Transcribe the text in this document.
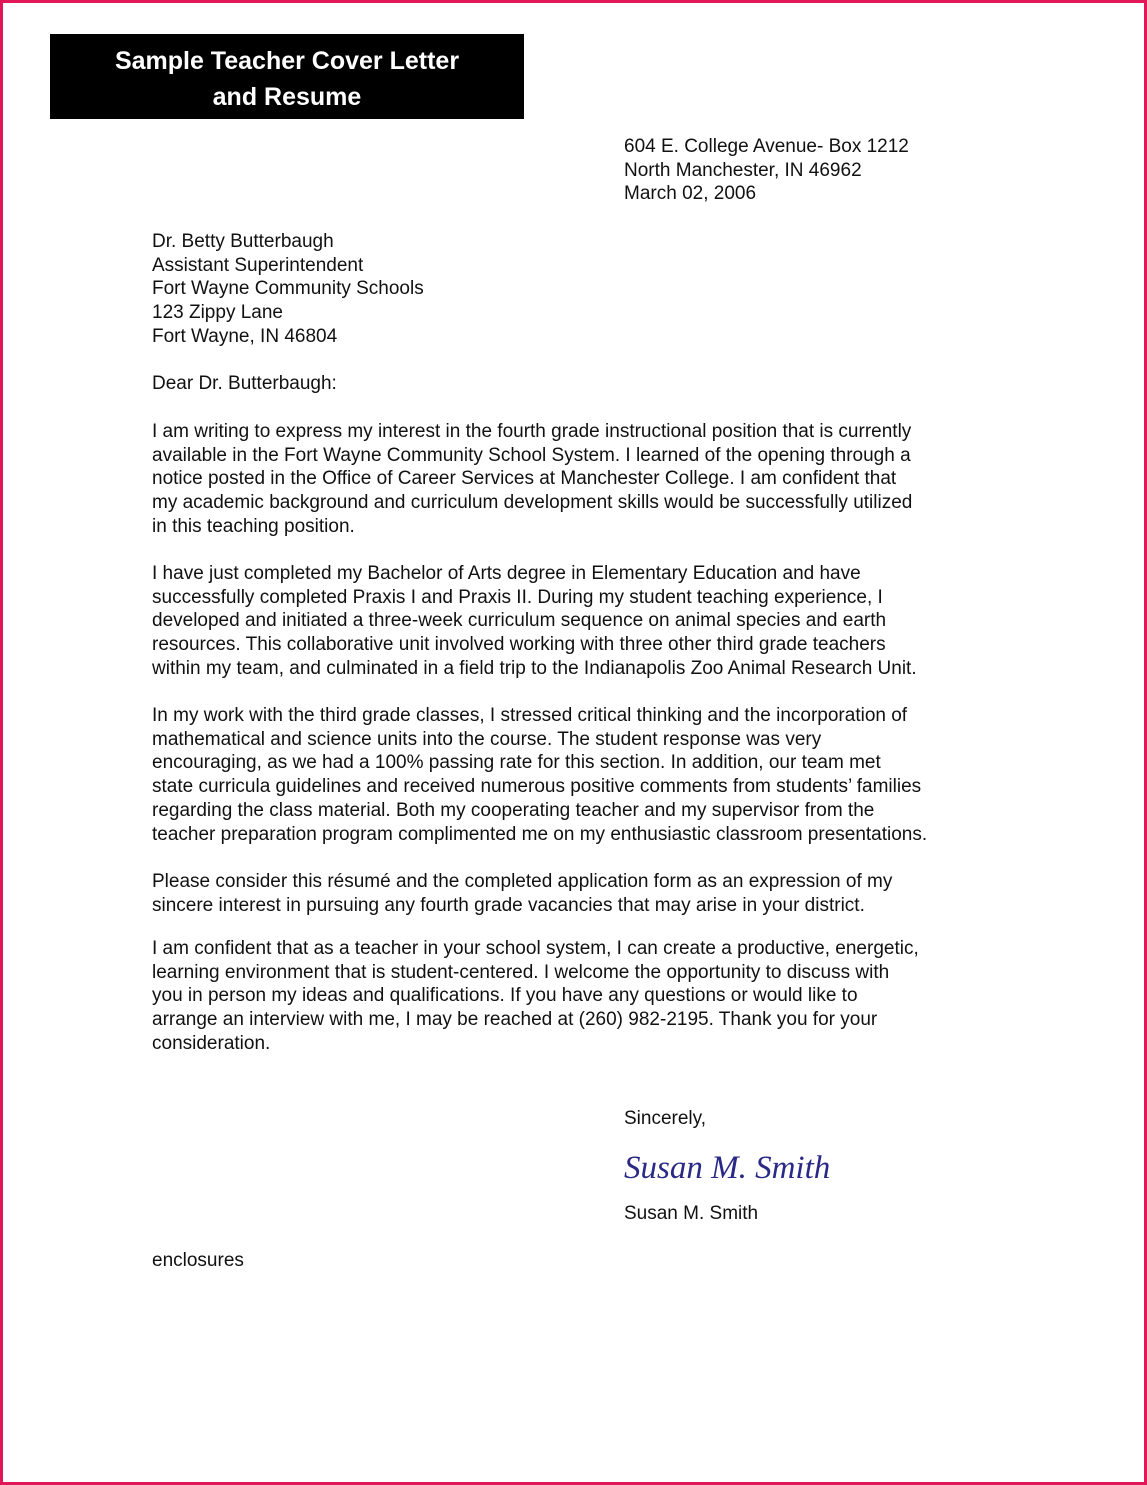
Sample Teacher Cover Letter
and Resume
604 E. College Avenue- Box 1212
North Manchester, IN 46962
March 02, 2006
Dr. Betty Butterbaugh
Assistant Superintendent
Fort Wayne Community Schools
123 Zippy Lane
Fort Wayne, IN 46804
Dear Dr. Butterbaugh:
I am writing to express my interest in the fourth grade instructional position that is currently
available in the Fort Wayne Community School System. I learned of the opening through a
notice posted in the Office of Career Services at Manchester College. I am confident that
my academic background and curriculum development skills would be successfully utilized
in this teaching position.
I have just completed my Bachelor of Arts degree in Elementary Education and have
successfully completed Praxis I and Praxis II. During my student teaching experience, I
developed and initiated a three-week curriculum sequence on animal species and earth
resources. This collaborative unit involved working with three other third grade teachers
within my team, and culminated in a field trip to the Indianapolis Zoo Animal Research Unit.
In my work with the third grade classes, I stressed critical thinking and the incorporation of
mathematical and science units into the course. The student response was very
encouraging, as we had a 100% passing rate for this section. In addition, our team met
state curricula guidelines and received numerous positive comments from students’ families
regarding the class material. Both my cooperating teacher and my supervisor from the
teacher preparation program complimented me on my enthusiastic classroom presentations.
Please consider this résumé and the completed application form as an expression of my
sincere interest in pursuing any fourth grade vacancies that may arise in your district.
I am confident that as a teacher in your school system, I can create a productive, energetic,
learning environment that is student-centered. I welcome the opportunity to discuss with
you in person my ideas and qualifications. If you have any questions or would like to
arrange an interview with me, I may be reached at (260) 982-2195. Thank you for your
consideration.
Sincerely,
Susan M. Smith
Susan M. Smith
enclosures
